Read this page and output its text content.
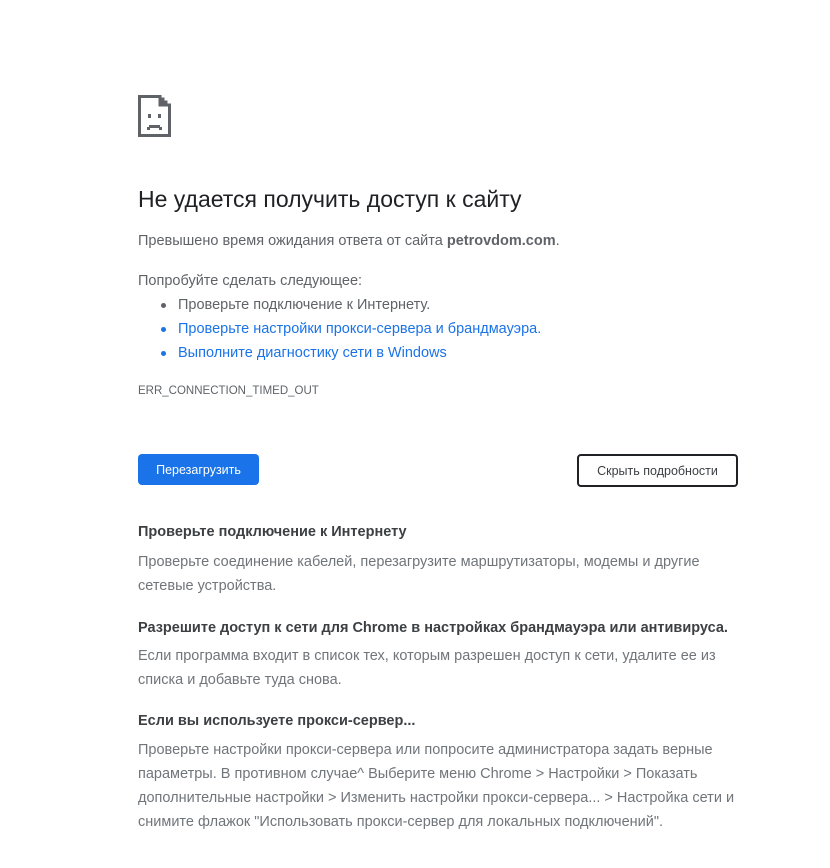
Не удается получить доступ к сайту
Превышено время ожидания ответа от сайта petrovdom.com.
Попробуйте сделать следующее:
Проверьте подключение к Интернету.
Проверьте настройки прокси-сервера и брандмауэра.
Выполните диагностику сети в Windows
ERR_CONNECTION_TIMED_OUT
Перезагрузить	Скрыть подробности

Проверьте подключение к Интернету

Проверьте соединение кабелей, перезагрузите маршрутизаторы, модемы и другие сетевые устройства.

Разрешите доступ к сети для Chrome в настройках брандмауэра или антивируса.

Если программа входит в список тех, которым разрешен доступ к сети, удалите ее из списка и добавьте туда снова.

Если вы используете прокси-сервер...

Проверьте настройки прокси-сервера или попросите администратора задать верные параметры. В противном случае^ Выберите меню Chrome > Настройки > Показать дополнительные настройки > Изменить настройки прокси-сервера... > Настройка сети и снимите флажок "Использовать прокси-сервер для локальных подключений".
